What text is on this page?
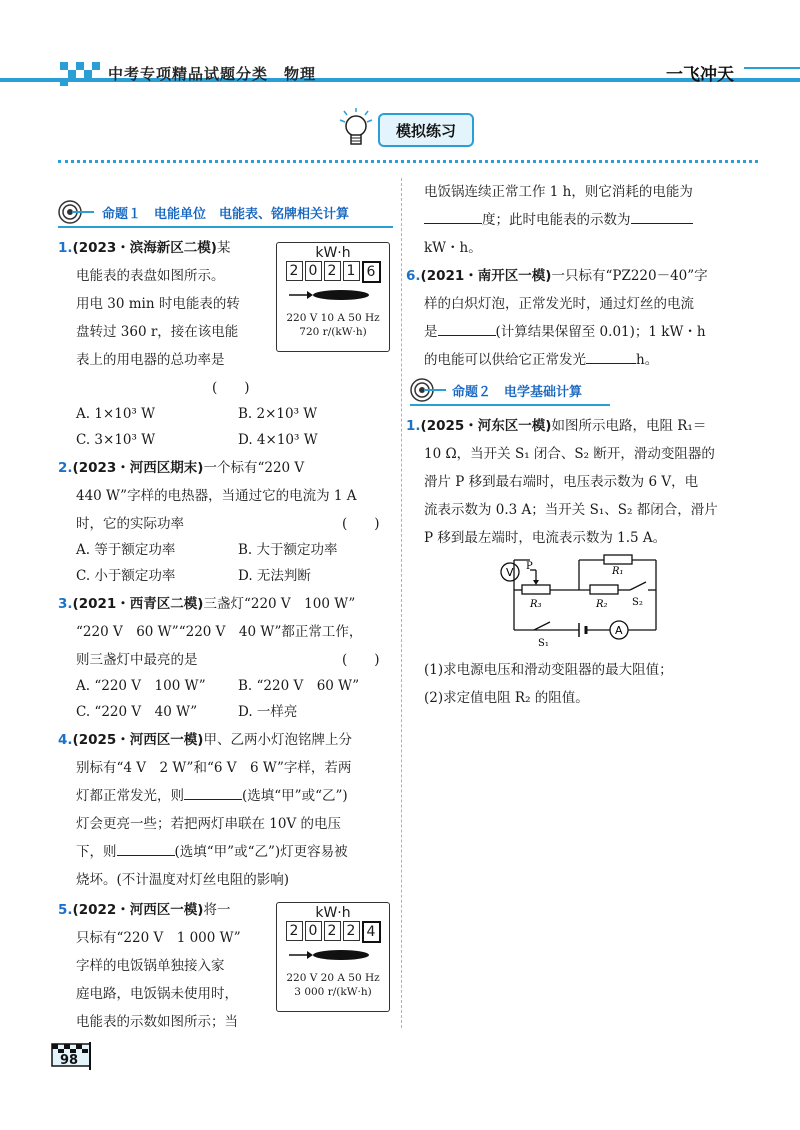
中考专项精品试题分类　物理	一飞冲天
模拟练习
命题１　电能单位　电能表、铭牌相关计算
1.(2023・滨海新区二模)某
电能表的表盘如图所示。
用电 30 min 时电能表的转
盘转过 360 r，接在该电能
表上的用电器的总功率是
(　　)
A. 1×10³ W	B. 2×10³ W
C. 3×10³ W	D. 4×10³ W
kW·h
2 0 2 1 6
220 V 10 A 50 Hz
720 r/(kW·h)
2.(2023・河西区期末)一个标有“220 V
440 W”字样的电热器，当通过它的电流为 1 A
时，它的实际功率	(　　)
A. 等于额定功率	B. 大于额定功率
C. 小于额定功率	D. 无法判断
3.(2021・西青区二模)三盏灯“220 V　100 W”
“220 V　60 W”“220 V　40 W”都正常工作，
则三盏灯中最亮的是	(　　)
A. “220 V　100 W” B. “220 V　60 W”
C. “220 V　40 W”	D. 一样亮
4.(2025・河西区一模)甲、乙两小灯泡铭牌上分
别标有“4 V　2 W”和“6 V　6 W”字样，若两
灯都正常发光，则	(选填“甲”或“乙”)
灯会更亮一些；若把两灯串联在 10V 的电压
下，则	(选填“甲”或“乙”)灯更容易被
烧坏。(不计温度对灯丝电阻的影响)
5.(2022・河西区一模)将一
只标有“220 V　1 000 W”
字样的电饭锅单独接入家
庭电路，电饭锅未使用时，
电能表的示数如图所示；当
kW·h
2 0 2 2 4
220 V 20 A 50 Hz
3 000 r/(kW·h)
电饭锅连续正常工作 1 h，则它消耗的电能为
度；此时电能表的示数为
kW・h。
6.(2021・南开区一模)一只标有“PZ220－40”字
样的白炽灯泡，正常发光时，通过灯丝的电流
是	(计算结果保留至 0.01)；1 kW・h
的电能可以供给它正常发光	h。
命题２　电学基础计算
1.(2025・河东区一模)如图所示电路，电阻 R₁＝
10 Ω，当开关 S₁ 闭合、S₂ 断开，滑动变阻器的
滑片 P 移到最右端时，电压表示数为 6 V，电
流表示数为 0.3 A；当开关 S₁、S₂ 都闭合，滑片
P 移到最左端时，电流表示数为 1.5 A。
V
A
P	R₁
R₂
R₃
S₁
S₂
(1)求电源电压和滑动变阻器的最大阻值；
(2)求定值电阻 R₂ 的阻值。
98
